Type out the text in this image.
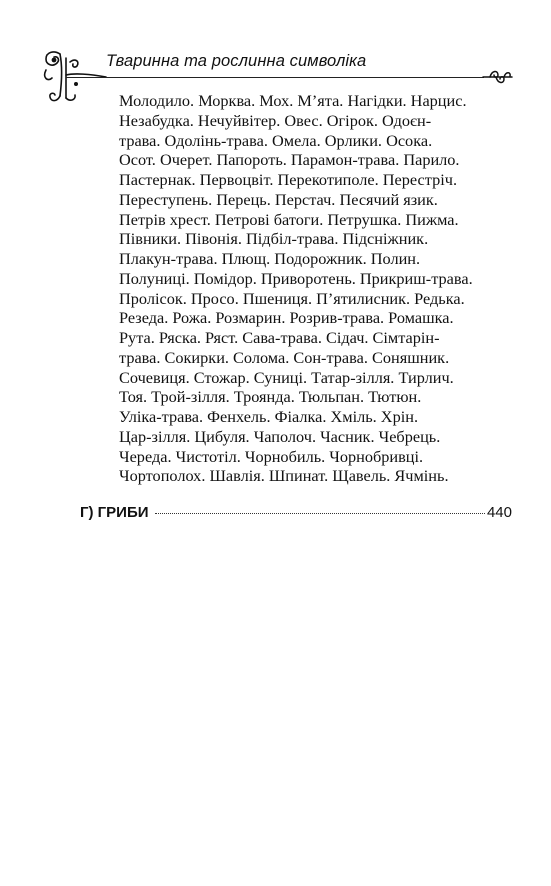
Тваринна та рослинна символіка
Молодило. Морква. Мох. М’ята. Нагідки. Нарцис.
Незабудка. Нечуйвітер. Овес. Огірок. Одоєн-
трава. Одолінь-трава. Омела. Орлики. Осока.
Осот. Очерет. Папороть. Парамон-трава. Парило.
Пастернак. Первоцвіт. Перекотиполе. Перестріч.
Переступень. Перець. Перстач. Песячий язик.
Петрів хрест. Петрові батоги. Петрушка. Пижма.
Півники. Півонія. Підбіл-трава. Підсніжник.
Плакун-трава. Плющ. Подорожник. Полин.
Полуниці. Помідор. Приворотень. Прикриш-трава.
Пролісок. Просо. Пшениця. П’ятилисник. Редька.
Резеда. Рожа. Розмарин. Розрив-трава. Ромашка.
Рута. Ряска. Ряст. Сава-трава. Сідач. Сімтарін-
трава. Сокирки. Солома. Сон-трава. Соняшник.
Сочевиця. Стожар. Суниці. Татар-зілля. Тирлич.
Тоя. Трой-зілля. Троянда. Тюльпан. Тютюн.
Уліка-трава. Фенхель. Фіалка. Хміль. Хрін.
Цар-зілля. Цибуля. Чаполоч. Часник. Чебрець.
Череда. Чистотіл. Чорнобиль. Чорнобривці.
Чортополох. Шавлія. Шпинат. Щавель. Ячмінь.
Г) ГРИБИ	440
